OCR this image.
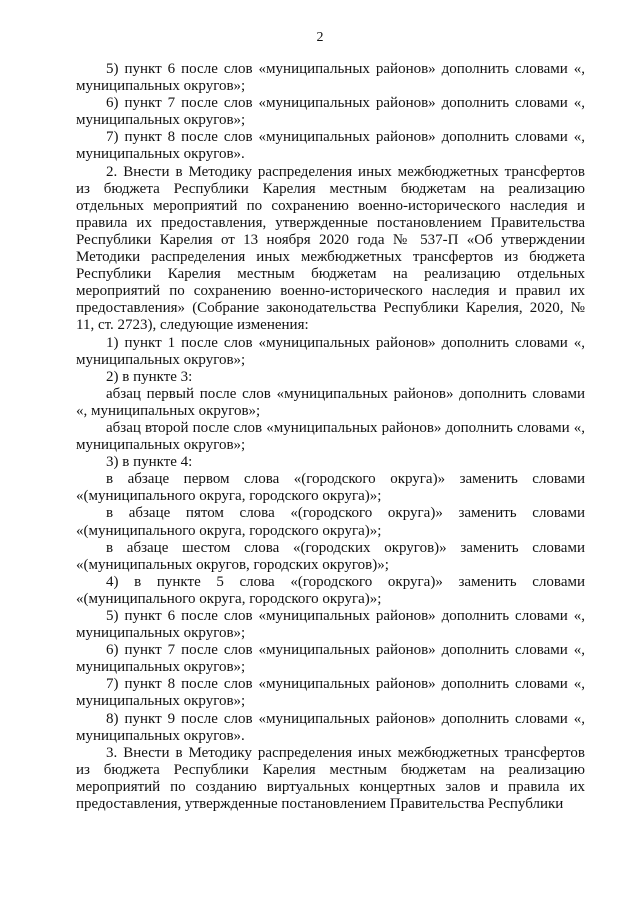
2

5) пункт 6 после слов «муниципальных районов» дополнить словами «, муниципальных округов»;

6) пункт 7 после слов «муниципальных районов» дополнить словами «, муниципальных округов»;

7) пункт 8 после слов «муниципальных районов» дополнить словами «, муниципальных округов».

2. Внести в Методику распределения иных межбюджетных трансфертов из бюджета Республики Карелия местным бюджетам на реализацию отдельных мероприятий по сохранению военно-исторического наследия и правила их предоставления, утвержденные постановлением Правительства Республики Карелия от 13 ноября 2020 года № 537-П «Об утверждении Методики распределения иных межбюджетных трансфертов из бюджета Республики Карелия местным бюджетам на реализацию отдельных мероприятий по сохранению военно-исторического наследия и правил их предоставления» (Собрание законодательства Республики Карелия, 2020, № 11, ст. 2723), следующие изменения:

1) пункт 1 после слов «муниципальных районов» дополнить словами «, муниципальных округов»;

2) в пункте 3:

абзац первый после слов «муниципальных районов» дополнить словами «, муниципальных округов»;

абзац второй после слов «муниципальных районов» дополнить словами «, муниципальных округов»;

3) в пункте 4:

в абзаце первом слова «(городского округа)» заменить словами «(муниципального округа, городского округа)»;

в абзаце пятом слова «(городского округа)» заменить словами «(муниципального округа, городского округа)»;

в абзаце шестом слова «(городских округов)» заменить словами «(муниципальных округов, городских округов)»;

4) в пункте 5 слова «(городского округа)» заменить словами «(муниципального округа, городского округа)»;

5) пункт 6 после слов «муниципальных районов» дополнить словами «, муниципальных округов»;

6) пункт 7 после слов «муниципальных районов» дополнить словами «, муниципальных округов»;

7) пункт 8 после слов «муниципальных районов» дополнить словами «, муниципальных округов»;

8) пункт 9 после слов «муниципальных районов» дополнить словами «, муниципальных округов».

3. Внести в Методику распределения иных межбюджетных трансфертов из бюджета Республики Карелия местным бюджетам на реализацию мероприятий по созданию виртуальных концертных залов и правила их предоставления, утвержденные постановлением Правительства Республики
